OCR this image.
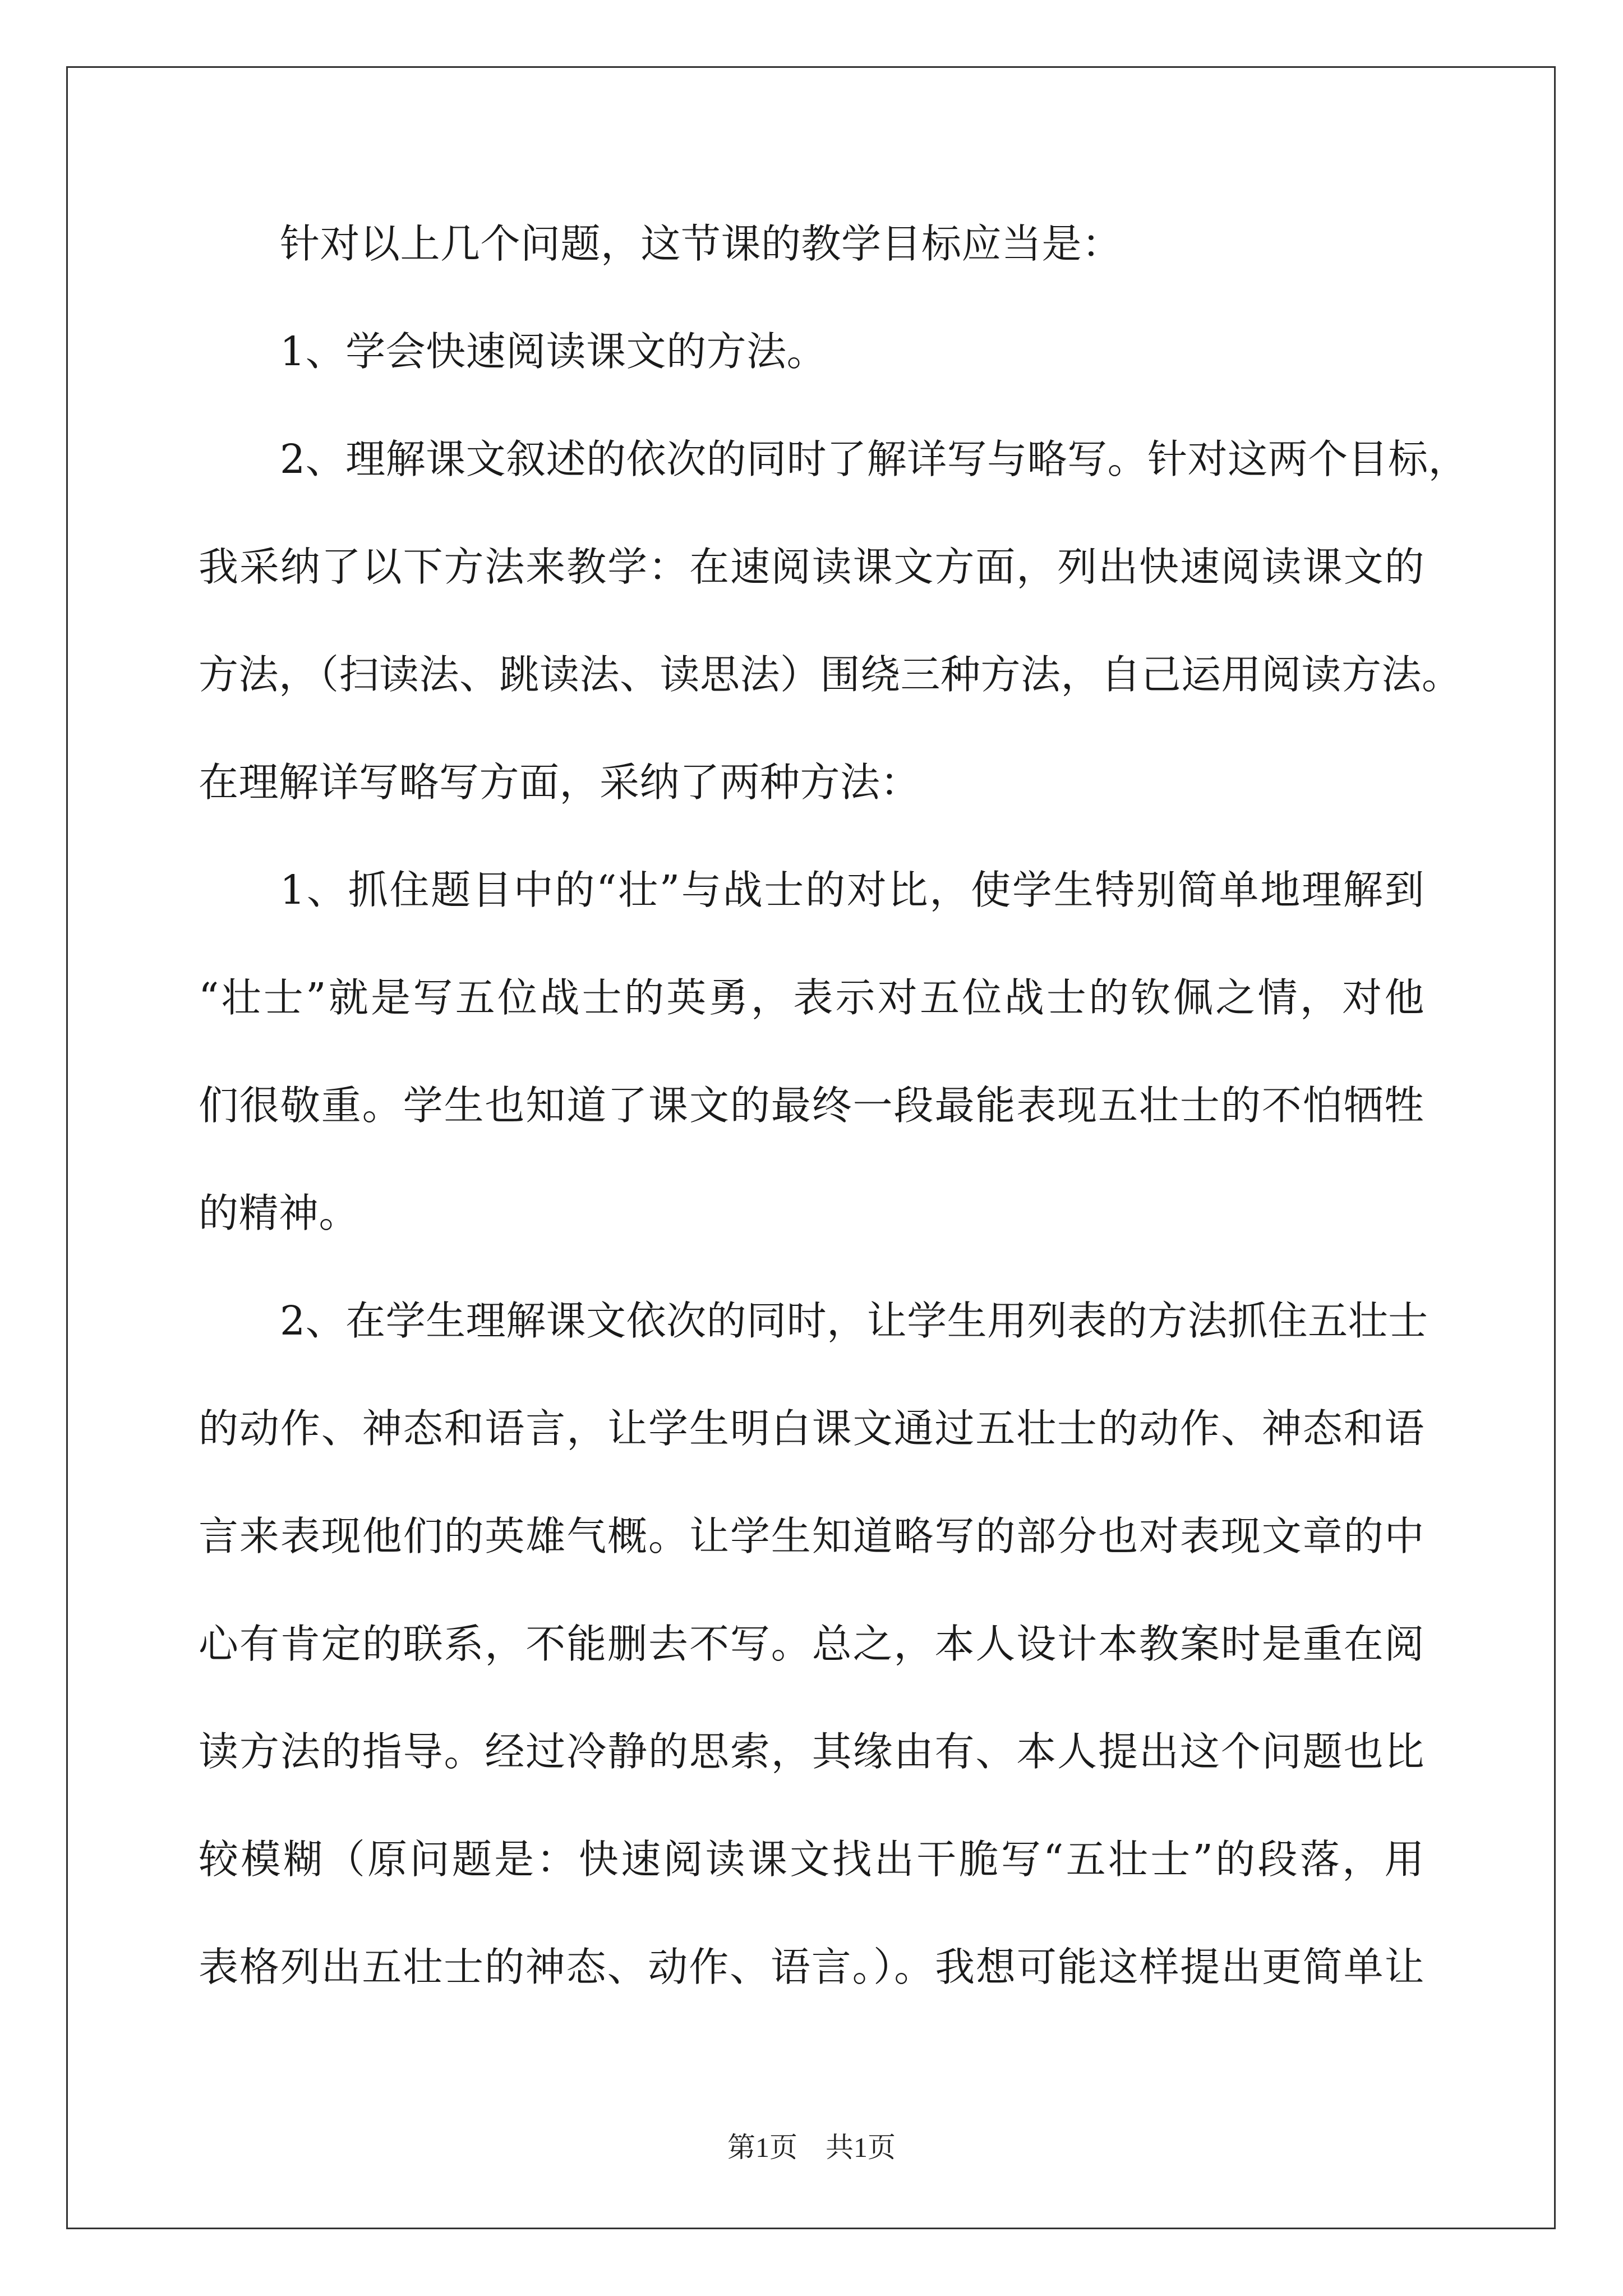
针对以上几个问题，这节课的教学目标应当是：
1、学会快速阅读课文的方法。
2、理解课文叙述的依次的同时了解详写与略写。针对这两个目标，
我采纳了以下方法来教学：在速阅读课文方面，列出快速阅读课文的
方法，（扫读法、跳读法、读思法）围绕三种方法，自己运用阅读方法。
在理解详写略写方面，采纳了两种方法：
1、抓住题目中的“壮”与战士的对比，使学生特别简单地理解到
“壮士”就是写五位战士的英勇，表示对五位战士的钦佩之情，对他
们很敬重。学生也知道了课文的最终一段最能表现五壮士的不怕牺牲
的精神。
2、在学生理解课文依次的同时，让学生用列表的方法抓住五壮士
的动作、神态和语言，让学生明白课文通过五壮士的动作、神态和语
言来表现他们的英雄气概。让学生知道略写的部分也对表现文章的中
心有肯定的联系，不能删去不写。总之，本人设计本教案时是重在阅
读方法的指导。经过冷静的思索，其缘由有、本人提出这个问题也比
较模糊（原问题是：快速阅读课文找出干脆写“五壮士”的段落，用
表格列出五壮士的神态、动作、语言。）。我想可能这样提出更简单让
第1页 共1页
